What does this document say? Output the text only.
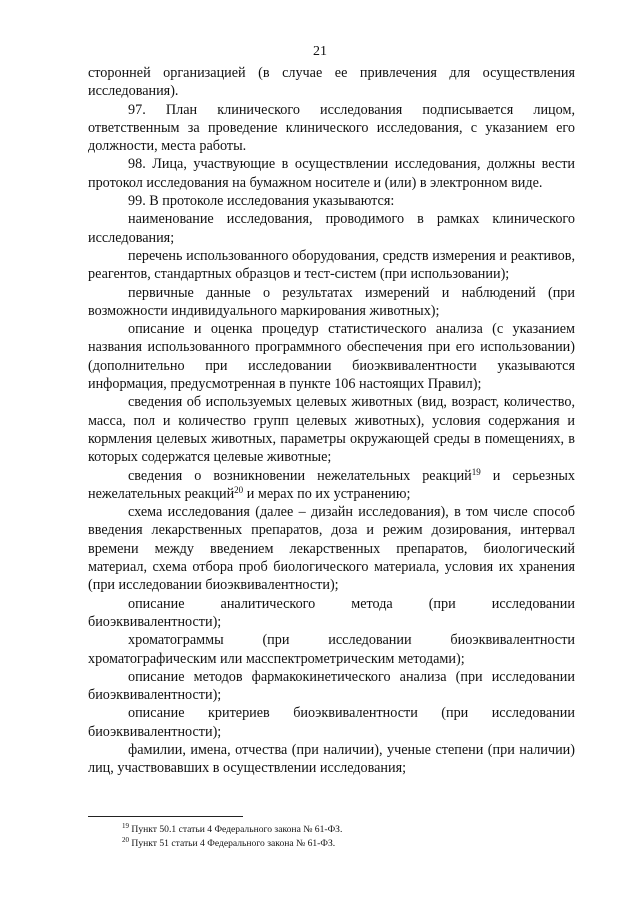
21

сторонней организацией (в случае ее привлечения для осуществления исследования).

97. План клинического исследования подписывается лицом, ответственным за проведение клинического исследования, с указанием его должности, места работы.

98. Лица, участвующие в осуществлении исследования, должны вести протокол исследования на бумажном носителе и (или) в электронном виде.

99. В протоколе исследования указываются:

наименование исследования, проводимого в рамках клинического исследования;

перечень использованного оборудования, средств измерения и реактивов, реагентов, стандартных образцов и тест-систем (при использовании);

первичные данные о результатах измерений и наблюдений (при возможности индивидуального маркирования животных);

описание и оценка процедур статистического анализа (с указанием названия использованного программного обеспечения при его использовании) (дополнительно при исследовании биоэквивалентности указываются информация, предусмотренная в пункте 106 настоящих Правил);

сведения об используемых целевых животных (вид, возраст, количество, масса, пол и количество групп целевых животных), условия содержания и кормления целевых животных, параметры окружающей среды в помещениях, в которых содержатся целевые животные;

сведения о возникновении нежелательных реакций$^{19}$ и серьезных нежелательных реакций$^{20}$ и мерах по их устранению;

схема исследования (далее – дизайн исследования), в том числе способ введения лекарственных препаратов, доза и режим дозирования, интервал времени между введением лекарственных препаратов, биологический материал, схема отбора проб биологического материала, условия их хранения (при исследовании биоэквивалентности);

описание аналитического метода (при исследовании биоэквивалентности);

хроматограммы (при исследовании биоэквивалентности хроматографическим или масспектрометрическим методами);

описание методов фармакокинетического анализа (при исследовании биоэквивалентности);

описание критериев биоэквивалентности (при исследовании биоэквивалентности);

фамилии, имена, отчества (при наличии), ученые степени (при наличии) лиц, участвовавших в осуществлении исследования;

$^{19}$ Пункт 50.1 статьи 4 Федерального закона № 61-ФЗ.

$^{20}$ Пункт 51 статьи 4 Федерального закона № 61-ФЗ.
